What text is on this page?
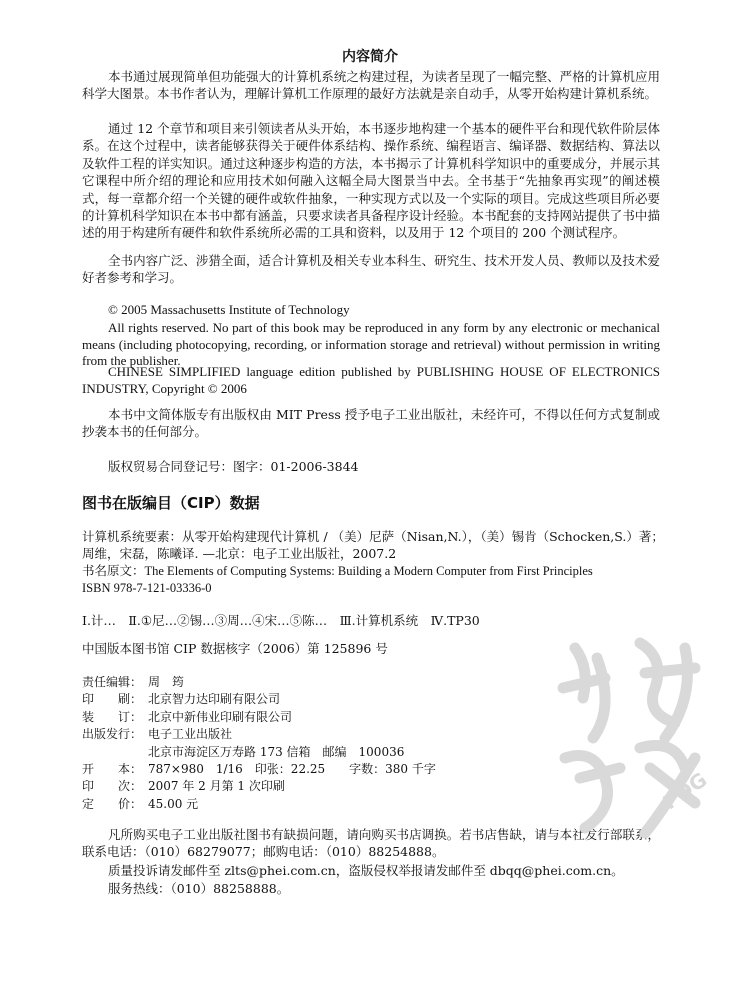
内容简介

本书通过展现简单但功能强大的计算机系统之构建过程，为读者呈现了一幅完整、严格的计算机应用科学大图景。本书作者认为，理解计算机工作原理的最好方法就是亲自动手，从零开始构建计算机系统。

通过 12 个章节和项目来引领读者从头开始，本书逐步地构建一个基本的硬件平台和现代软件阶层体系。在这个过程中，读者能够获得关于硬件体系结构、操作系统、编程语言、编译器、数据结构、算法以及软件工程的详实知识。通过这种逐步构造的方法，本书揭示了计算机科学知识中的重要成分，并展示其它课程中所介绍的理论和应用技术如何融入这幅全局大图景当中去。全书基于“先抽象再实现”的阐述模式，每一章都介绍一个关键的硬件或软件抽象，一种实现方式以及一个实际的项目。完成这些项目所必要的计算机科学知识在本书中都有涵盖，只要求读者具备程序设计经验。本书配套的支持网站提供了书中描述的用于构建所有硬件和软件系统所必需的工具和资料，以及用于 12 个项目的 200 个测试程序。

全书内容广泛、涉猎全面，适合计算机及相关专业本科生、研究生、技术开发人员、教师以及技术爱好者参考和学习。

© 2005 Massachusetts Institute of Technology

All rights reserved. No part of this book may be reproduced in any form by any electronic or mechanical means (including photocopying, recording, or information storage and retrieval) without permission in writing from the publisher.

CHINESE SIMPLIFIED language edition published by PUBLISHING HOUSE OF ELECTRONICS INDUSTRY, Copyright © 2006

本书中文简体版专有出版权由 MIT Press 授予电子工业出版社，未经许可，不得以任何方式复制或抄袭本书的任何部分。

版权贸易合同登记号：图字：01-2006-3844
图书在版编目（CIP）数据
计算机系统要素：从零开始构建现代计算机 / （美）尼萨（Nisan,N.），（美）锡肯（Schocken,S.）著；
周维，宋磊，陈曦译. —北京：电子工业出版社，2007.2
书名原文：The Elements of Computing Systems: Building a Modern Computer from First Principles
ISBN 978-7-121-03336-0
Ⅰ.计…　Ⅱ.①尼…②锡…③周…④宋…⑤陈…　Ⅲ.计算机系统　Ⅳ.TP30
中国版本图书馆 CIP 数据核字（2006）第 125896 号
责任编辑： 周　筠
印　　刷： 北京智力达印刷有限公司
装　　订： 北京中新伟业印刷有限公司
出版发行： 电子工业出版社
北京市海淀区万寿路 173 信箱　邮编　100036
开　　本： 787×980　1/16　印张：22.25　　字数：380 千字
印　　次： 2007 年 2 月第 1 次印刷
定　　价： 45.00 元

凡所购买电子工业出版社图书有缺损问题，请向购买书店调换。若书店售缺，请与本社发行部联系，联系电话：（010）68279077；邮购电话：（010）88254888。

质量投诉请发邮件至 zlts@phei.com.cn，盗版侵权举报请发邮件至 dbqq@phei.com.cn。
服务热线：（010）88258888。
PDG
